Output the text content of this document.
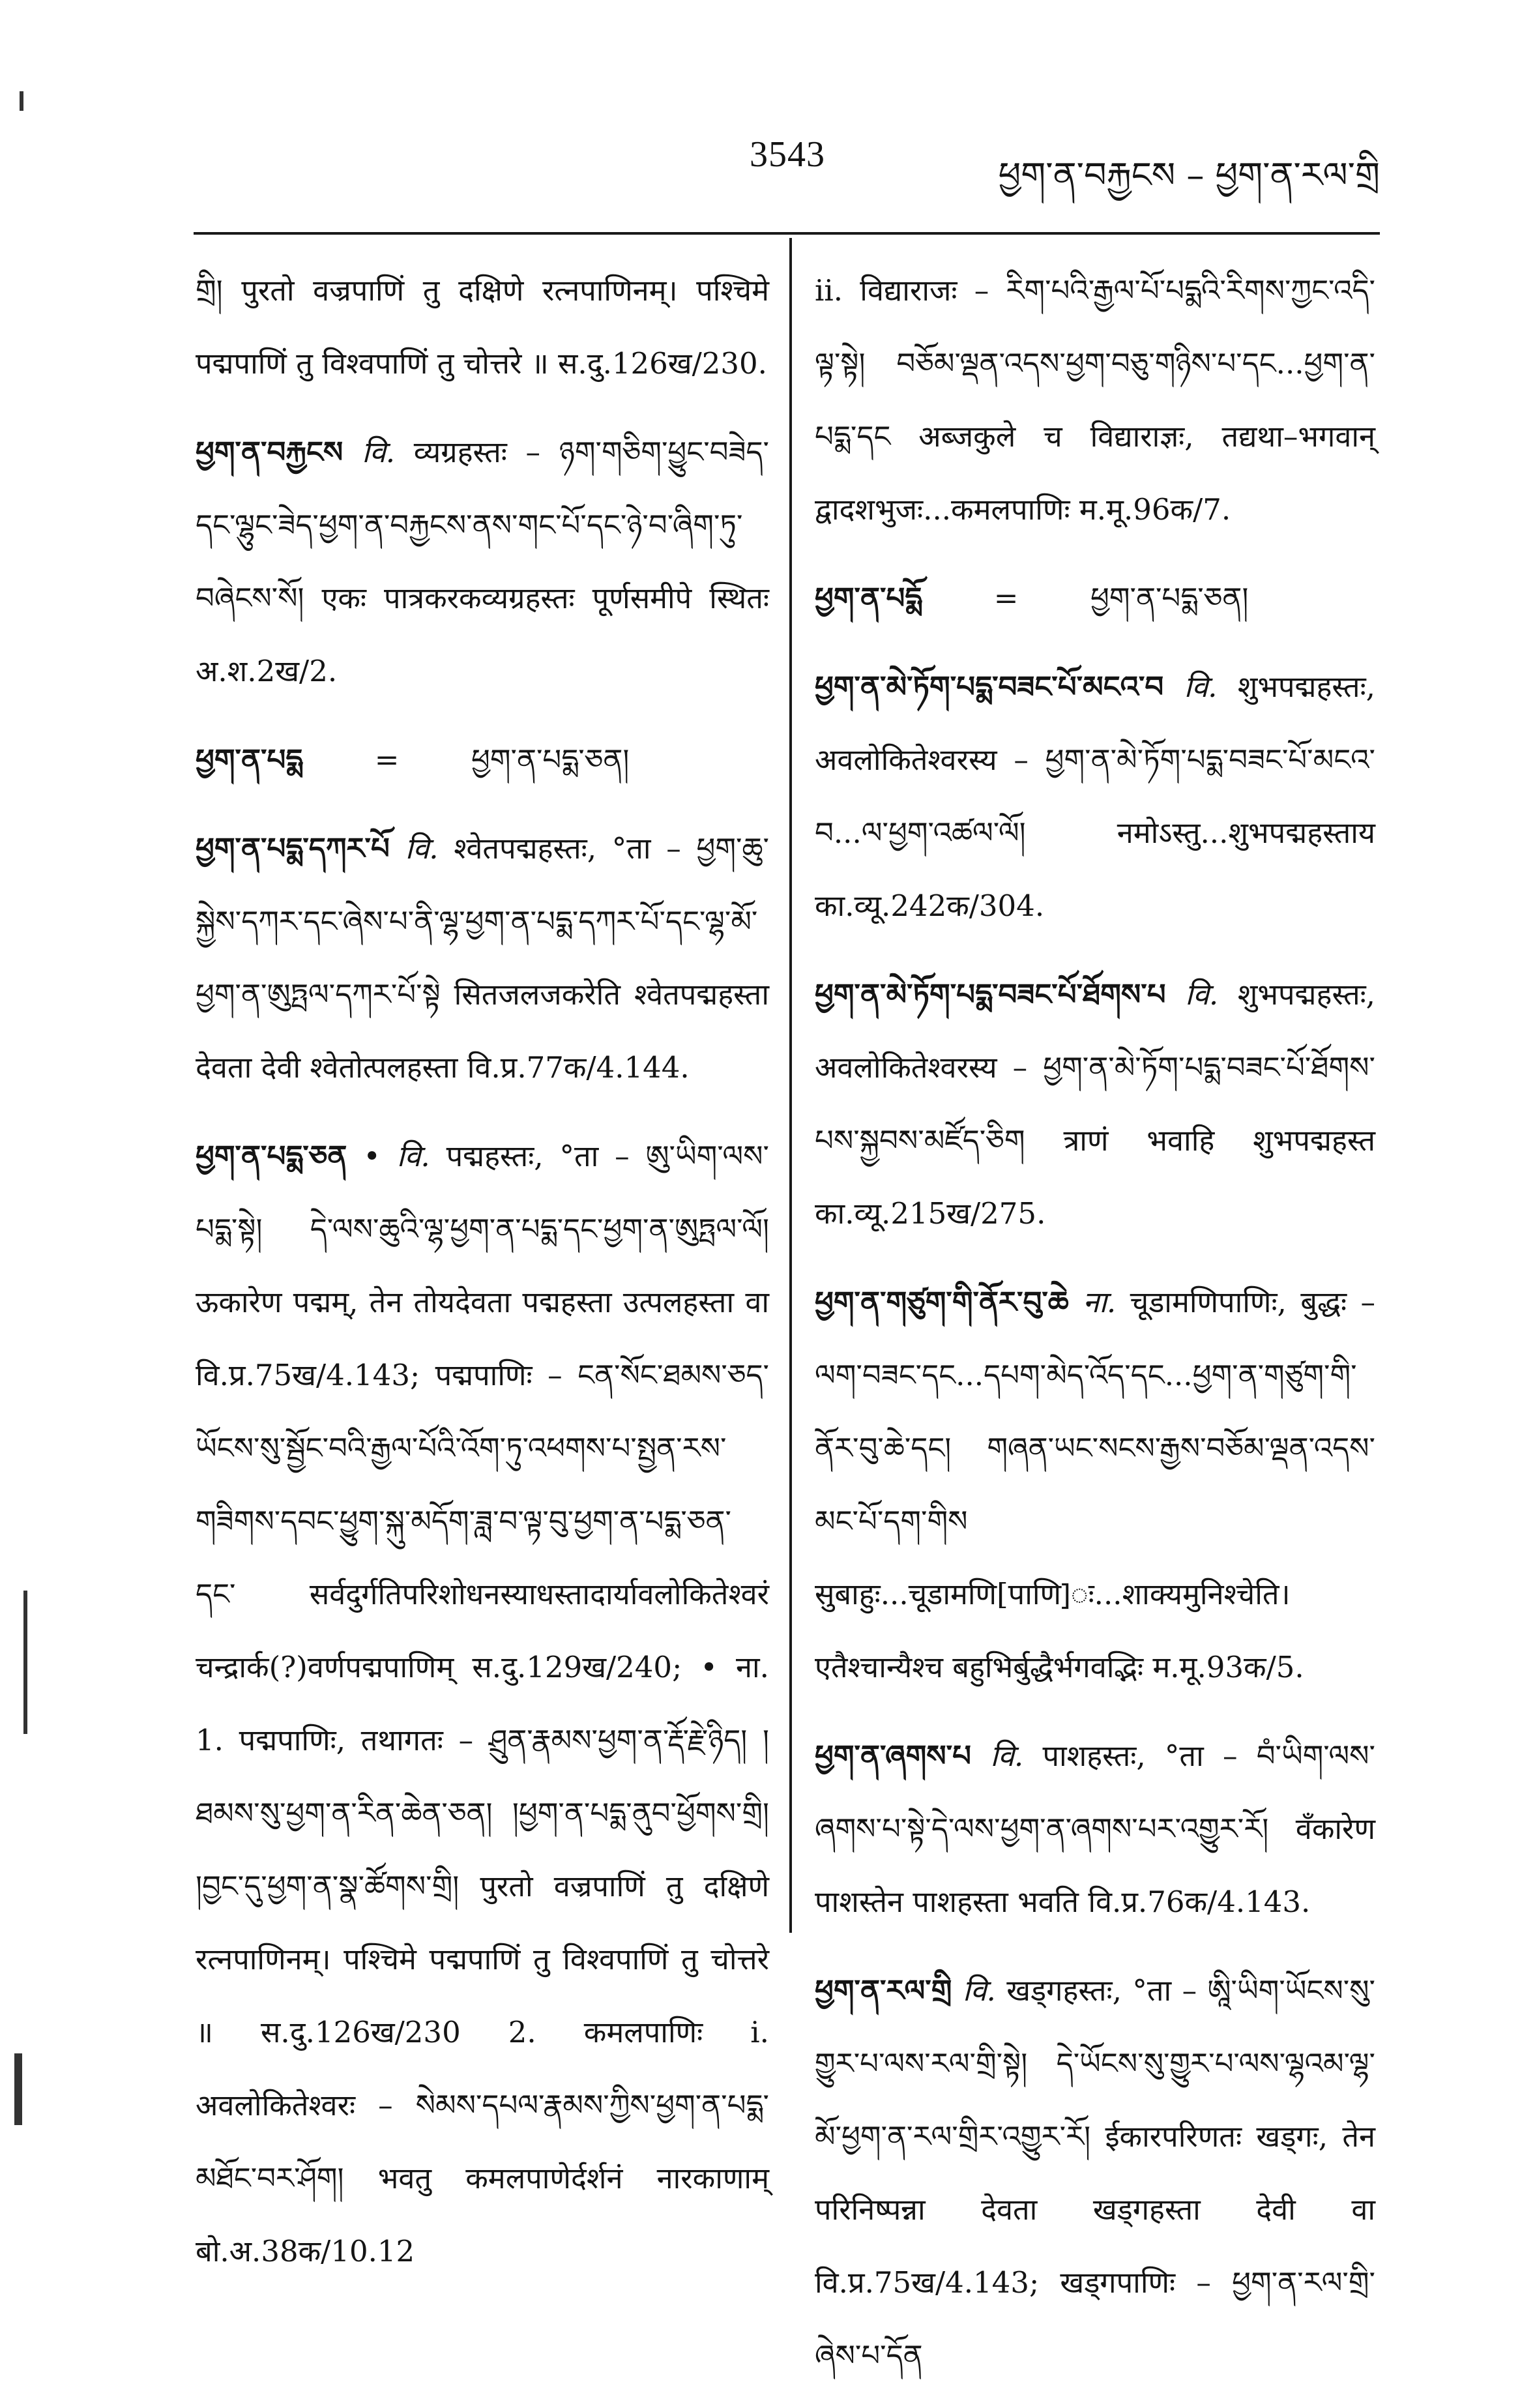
3543	ཕྱག་ན་བརྐྱངས – ཕྱག་ན་རལ་གྲི

གྲི། पुरतो वज्रपाणिं तु दक्षिणे रत्नपाणिनम्। पश्चिमे पद्मपाणिं तु विश्वपाणिं तु चोत्तरे ॥ स.दु.126ख/230.

ཕྱག་ན་བརྐྱངས वि. व्यग्रहस्तः – ཉག་གཅིག་ཕྱུང་བཟེད་དང་ལྷུང་ཟེད་ཕྱག་ན་བརྐྱངས་ནས་གང་པོ་དང་ཉེ་བ་ཞིག་ཏུ་བཞེངས་སོ། एकः पात्रकरकव्यग्रहस्तः पूर्णसमीपे स्थितः अ.श.2ख/2.

ཕྱག་ན་པདྨ = ཕྱག་ན་པདྨ་ཅན།

ཕྱག་ན་པདྨ་དཀར་པོ वि. श्वेतपद्महस्तः, °ता – ཕྱག་ཆུ་སྐྱེས་དཀར་དང་ཞེས་པ་ནི་ལྷ་ཕྱག་ན་པདྨ་དཀར་པོ་དང་ལྷ་མོ་ཕྱག་ན་ཨུཏྤལ་དཀར་པོ་སྟེ सितजलजकरेति श्वेतपद्महस्ता देवता देवी श्वेतोत्पलहस्ता वि.प्र.77क/4.144.

ཕྱག་ན་པདྨ་ཅན • वि. पद्महस्तः, °ता – ཨུ་ཡིག་ལས་པདྨ་སྟེ། དེ་ལས་ཆུའི་ལྷ་ཕྱག་ན་པདྨ་དང་ཕྱག་ན་ཨུཏྤལ་ལོ། ऊकारेण पद्मम्, तेन तोयदेवता पद्महस्ता उत्पलहस्ता वा वि.प्र.75ख/4.143; पद्मपाणिः – ངན་སོང་ཐམས་ཅད་ཡོངས་སུ་སྦྱོང་བའི་རྒྱལ་པོའི་འོག་ཏུ་འཕགས་པ་སྤྱན་རས་གཟིགས་དབང་ཕྱུག་སྐུ་མདོག་ཟླ་བ་ལྟ་བུ་ཕྱག་ན་པདྨ་ཅན་དང་ सर्वदुर्गतिपरिशोधनस्याधस्तादार्यावलोकितेश्वरं चन्द्रार्क(?)वर्णपद्मपाणिम् स.दु.129ख/240; • ना. 1. पद्मपाणिः, तथागतः – ཤྲུན་རྣམས་ཕྱག་ན་རྡོ་རྗེ་ཉིད། །ཐམས་སུ་ཕྱག་ན་རིན་ཆེན་ཅན། །ཕྱག་ན་པདྨ་ནུབ་ཕྱོགས་གྲི། །བྱང་དུ་ཕྱག་ན་སྣ་ཚོགས་གྲི། पुरतो वज्रपाणिं तु दक्षिणे रत्नपाणिनम्। पश्चिमे पद्मपाणिं तु विश्वपाणिं तु चोत्तरे ॥ स.दु.126ख/230 2. कमलपाणिः i. अवलोकितेश्वरः – སེམས་དཔལ་རྣམས་ཀྱིས་ཕྱག་ན་པདྨ་མཐོང་བར་ཤོག། भवतु कमलपाणेर्दर्शनं नारकाणाम् बो.अ.38क/10.12

ii. विद्याराजः – རིག་པའི་རྒྱལ་པོ་པདྨའི་རིགས་ཀྱང་འདི་ལྟ་སྟེ། བཅོམ་ལྡན་འདས་ཕྱག་བཅུ་གཉིས་པ་དང...ཕྱག་ན་པདྨ་དང अब्जकुले च विद्याराज्ञः, तद्यथा–भगवान् द्वादशभुजः...कमलपाणिः म.मू.96क/7.

ཕྱག་ན་པདྨོ = ཕྱག་ན་པདྨ་ཅན།

ཕྱག་ན་མེ་ཏོག་པདྨ་བཟང་པོ་མངའ་བ वि. शुभपद्महस्तः, अवलोकितेश्वरस्य – ཕྱག་ན་མེ་ཏོག་པདྨ་བཟང་པོ་མངའ་བ...ལ་ཕྱག་འཚལ་ལོ། नमोऽस्तु...शुभपद्महस्ताय का.व्यू.242क/304.

ཕྱག་ན་མེ་ཏོག་པདྨ་བཟང་པོ་ཐོགས་པ वि. शुभपद्महस्तः, अवलोकितेश्वरस्य – ཕྱག་ན་མེ་ཏོག་པདྨ་བཟང་པོ་ཐོགས་པས་སྐྱབས་མཛོད་ཅིག त्राणं भवाहि शुभपद्महस्त का.व्यू.215ख/275.

ཕྱག་ན་གཙུག་གི་ནོར་བུ་ཆེ ना. चूडामणिपाणिः, बुद्धः – ལག་བཟང་དང...དཔག་མེད་འོད་དང...ཕྱག་ན་གཙུག་གི་ནོར་བུ་ཆེ་དང། གཞན་ཡང་སངས་རྒྱས་བཅོམ་ལྡན་འདས་མང་པོ་དག་གིས सुबाहुः...चूडामणि[पाणि]ः...शाक्यमुनिश्चेति। एतैश्चान्यैश्च बहुभिर्बुद्धैर्भगवद्भिः म.मू.93क/5.

ཕྱག་ན་ཞགས་པ वि. पाशहस्तः, °ता – བཾ་ཡིག་ལས་ཞགས་པ་སྟེ་དེ་ལས་ཕྱག་ན་ཞགས་པར་འགྱུར་རོ། वँकारेण पाशस्तेन पाशहस्ता भवति वि.प्र.76क/4.143.

ཕྱག་ན་རལ་གྲི वि. खड्गहस्तः, °ता – ཨཱི་ཡིག་ཡོངས་སུ་གྱུར་པ་ལས་རལ་གྲི་སྟེ། དེ་ཡོངས་སུ་གྱུར་པ་ལས་ལྷའམ་ལྷ་མོ་ཕྱག་ན་རལ་གྲིར་འགྱུར་རོ། ईकारपरिणतः खड्गः, तेन परिनिष्पन्ना देवता खड्गहस्ता देवी वा वि.प्र.75ख/4.143; खड्गपाणिः – ཕྱག་ན་རལ་གྲི་ཞེས་པ་དོན
